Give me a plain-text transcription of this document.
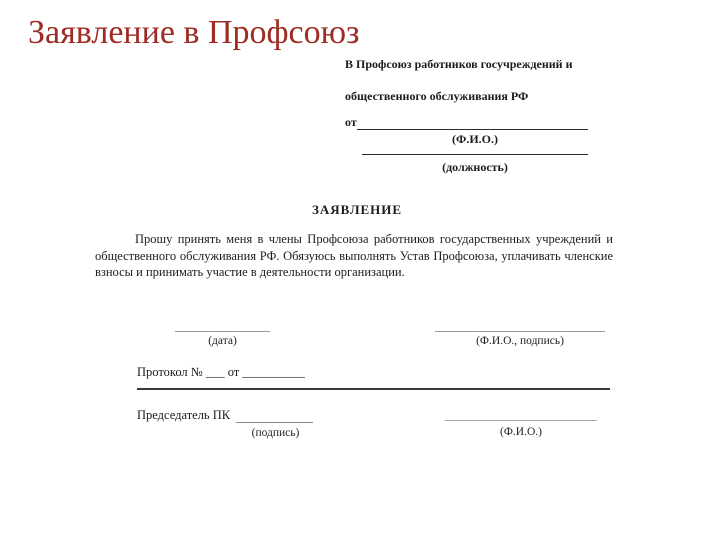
Заявление в Профсоюз
В Профсоюз работников госучреждений и
общественного обслуживания РФ
от
(Ф.И.О.)
(должность)
ЗАЯВЛЕНИЕ
Прошу принять меня в члены Профсоюза работников государственных учреждений и общественного обслуживания РФ. Обязуюсь выполнять Устав Профсоюза, уплачивать членские взносы и принимать участие в деятельности организации.
(дата)	(Ф.И.О., подпись)
Протокол № ___ от __________
Председатель ПК
(подпись)	(Ф.И.О.)
